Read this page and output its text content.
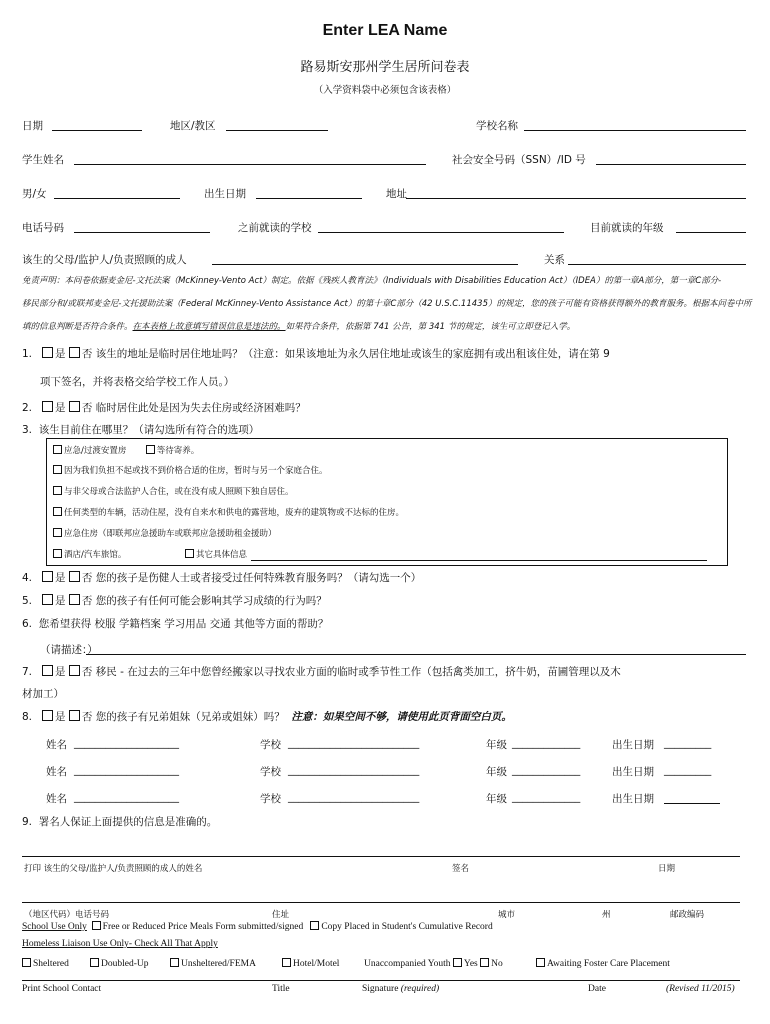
Enter LEA Name
路易斯安那州学生居所问卷表
（入学资料袋中必须包含该表格）
日期	地区/教区	学校名称
学生姓名	社会安全号码（SSN）/ID 号
男/女	出生日期	地址
电话号码	之前就读的学校	目前就读的年级
该生的父母/监护人/负责照顾的成人	关系
免责声明：本问卷依据麦金尼-文托法案（McKinney-Vento Act）制定。依据《残疾人教育法》（Individuals with Disabilities Education Act）（IDEA）的第一章A部分，第一章C部分-
移民部分和/或联邦麦金尼-文托援助法案（Federal McKinney-Vento Assistance Act）的第十章C部分（42 U.S.C.11435）的规定，您的孩子可能有资格获得额外的教育服务。根据本问卷中所
填的信息判断是否符合条件。在本表格上故意填写错误信息是违法的。如果符合条件，依据第 741 公告，第 341 节的规定，该生可立即登记入学。
1. 是 否 该生的地址是临时居住地址吗？（注意：如果该地址为永久居住地址或该生的家庭拥有或出租该住处，请在第 9
项下签名，并将表格交给学校工作人员。）
2. 是 否 临时居住此处是因为失去住房或经济困难吗？
3. 该生目前住在哪里？（请勾选所有符合的选项）
应急/过渡安置房	等待寄养。
因为我们负担不起或找不到价格合适的住房，暂时与另一个家庭合住。
与非父母或合法监护人合住，或在没有成人照顾下独自居住。
任何类型的车辆，活动住屋，没有自来水和供电的露营地，废弃的建筑物或不达标的住房。
应急住房（即联邦应急援助车或联邦应急援助租金援助）
酒店/汽车旅馆。	其它具体信息
4. 是 否 您的孩子是伤健人士或者接受过任何特殊教育服务吗？（请勾选一个）
5. 是 否 您的孩子有任何可能会影响其学习成绩的行为吗？
6. 您希望获得 校服 学籍档案 学习用品 交通 其他等方面的帮助？
（请描述：）
7. 是 否 移民 - 在过去的三年中您曾经搬家以寻找农业方面的临时或季节性工作（包括禽类加工，挤牛奶，苗圃管理以及木
材加工）
8. 是 否 您的孩子有兄弟姐妹（兄弟或姐妹）吗？ 注意：如果空间不够，请使用此页背面空白页。
姓名 ____________________	学校 _________________________	年级 _____________	出生日期 _________
姓名 ____________________	学校 _________________________	年级 _____________	出生日期 _________
姓名 ____________________	学校 _________________________	年级 _____________	出生日期
9. 署名人保证上面提供的信息是准确的。
打印 该生的父母/监护人/负责照顾的成人的姓名	签名	日期
（地区代码）电话号码	住址	城市	州	邮政编码
School Use Only Free or Reduced Price Meals Form submitted/signed Copy Placed in Student's Cumulative Record
Homeless Liaison Use Only- Check All That Apply
Sheltered	Doubled-Up	Unsheltered/FEMA	Hotel/Motel	Unaccompanied Youth Yes No	Awaiting Foster Care Placement
Print School Contact	Title	Signature (required)	Date	(Revised 11/2015)
